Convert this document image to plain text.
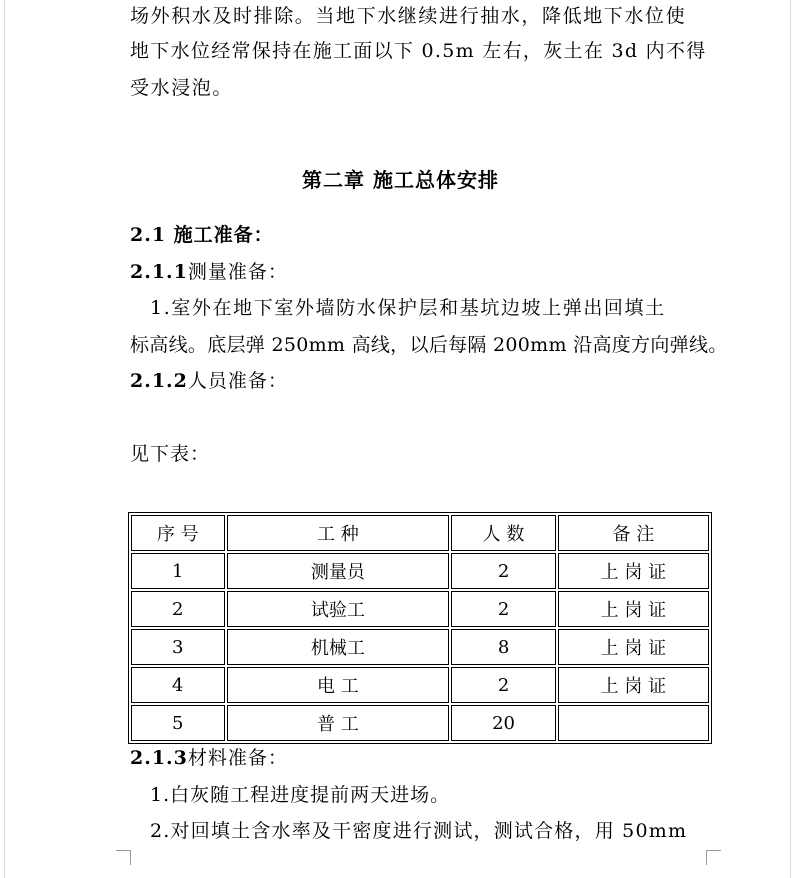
场外积水及时排除。当地下水继续进行抽水，降低地下水位使
地下水位经常保持在施工面以下 0.5m 左右，灰土在 3d 内不得
受水浸泡。
第二章 施工总体安排
2.1 施工准备：
2.1.1测量准备：
1.室外在地下室外墙防水保护层和基坑边坡上弹出回填土
标高线。底层弹 250mm 高线，以后每隔 200mm 沿高度方向弹线。
2.1.2人员准备：
见下表：
序 号	工 种	人 数	备 注
1	测量员	2	上 岗 证
2	试验工	2	上 岗 证
3	机械工	8	上 岗 证
4	电 工	2	上 岗 证
5	普 工	20	
2.1.3材料准备：
1.白灰随工程进度提前两天进场。
2.对回填土含水率及干密度进行测试，测试合格，用 50mm
